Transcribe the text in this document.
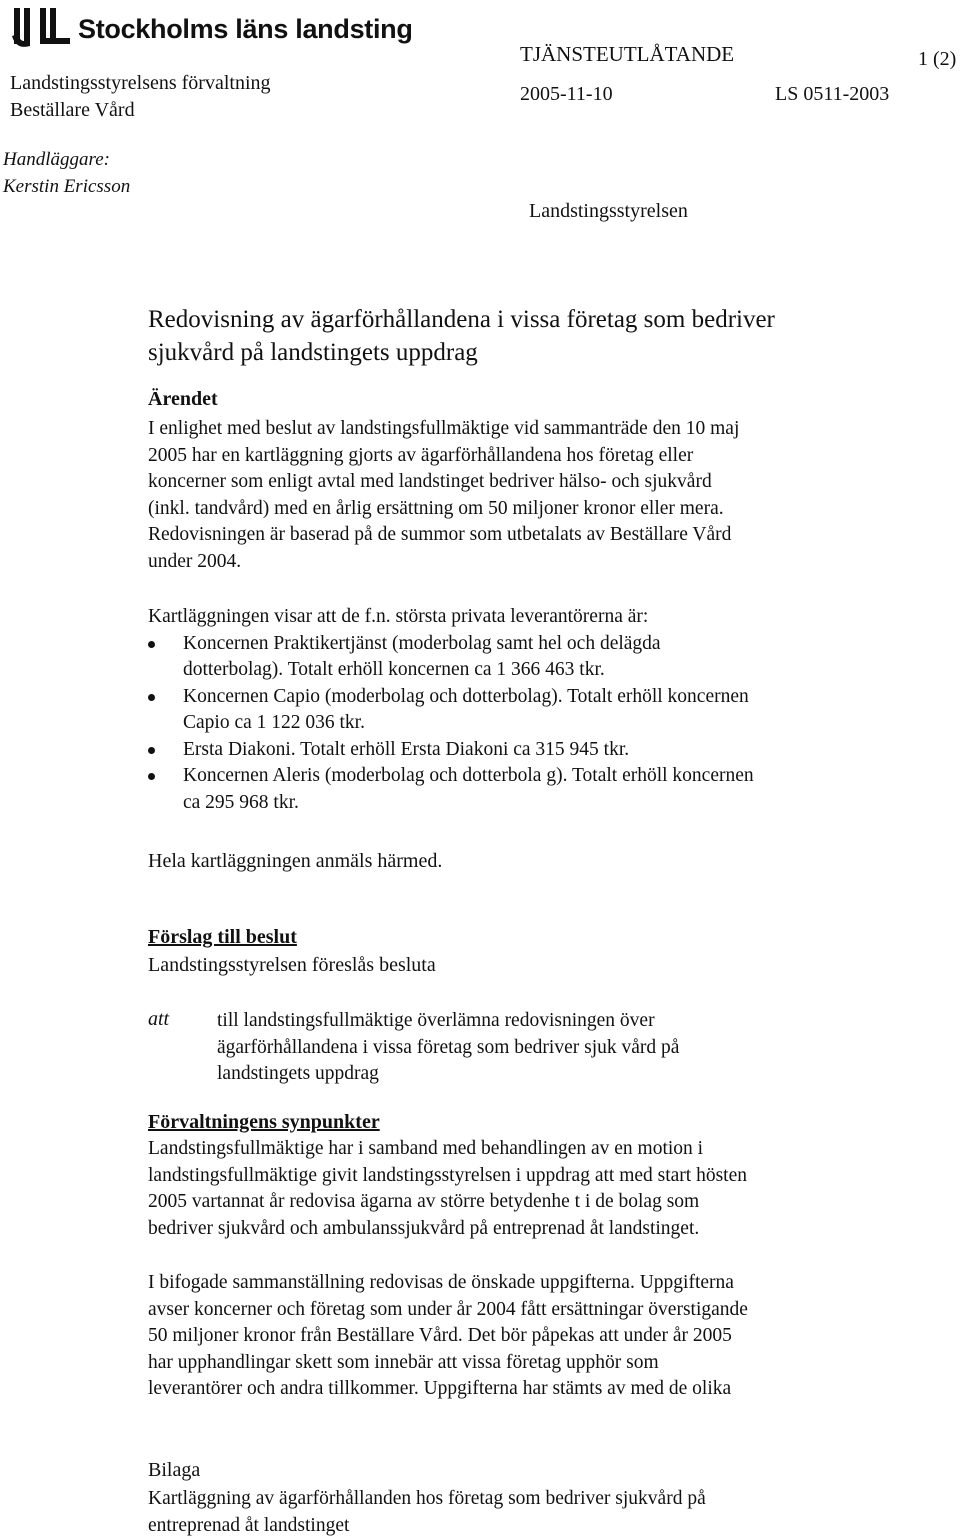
Stockholms läns landsting
Landstingsstyrelsens förvaltning
Beställare Vård
TJÄNSTEUTLÅTANDE	1 (2)
2005-11-10	LS 0511-2003
Handläggare:
Kerstin Ericsson
Landstingsstyrelsen
Redovisning av ägarförhållandena i vissa företag som bedriver
sjukvård på landstingets uppdrag
Ärendet
I enlighet med beslut av landstingsfullmäktige vid sammanträde den 10 maj
2005 har en kartläggning gjorts av ägarförhållandena hos företag eller
koncerner som enligt avtal med landstinget bedriver hälso- och sjukvård
(inkl. tandvård) med en årlig ersättning om 50 miljoner kronor eller mera.
Redovisningen är baserad på de summor som utbetalats av Beställare Vård
under 2004.
Kartläggningen visar att de f.n. största privata leverantörerna är:
Koncernen Praktikertjänst (moderbolag samt hel och delägda
dotterbolag). Totalt erhöll koncernen ca 1 366 463 tkr.
Koncernen Capio (moderbolag och dotterbolag). Totalt erhöll koncernen
Capio ca 1 122 036 tkr.
Ersta Diakoni. Totalt erhöll Ersta Diakoni ca 315 945 tkr.
Koncernen Aleris (moderbolag och dotterbola g). Totalt erhöll koncernen
ca 295 968 tkr.
Hela kartläggningen anmäls härmed.
Förslag till beslut
Landstingsstyrelsen föreslås besluta
att till landstingsfullmäktige överlämna redovisningen över
ägarförhållandena i vissa företag som bedriver sjuk vård på
landstingets uppdrag
Förvaltningens synpunkter
Landstingsfullmäktige har i samband med behandlingen av en motion i
landstingsfullmäktige givit landstingsstyrelsen i uppdrag att med start hösten
2005 vartannat år redovisa ägarna av större betydenhe t i de bolag som
bedriver sjukvård och ambulanssjukvård på entreprenad åt landstinget.
I bifogade sammanställning redovisas de önskade uppgifterna. Uppgifterna
avser koncerner och företag som under år 2004 fått ersättningar överstigande
50 miljoner kronor från Beställare Vård. Det bör påpekas att under år 2005
har upphandlingar skett som innebär att vissa företag upphör som
leverantörer och andra tillkommer. Uppgifterna har stämts av med de olika
Bilaga
Kartläggning av ägarförhållanden hos företag som bedriver sjukvård på
entreprenad åt landstinget
